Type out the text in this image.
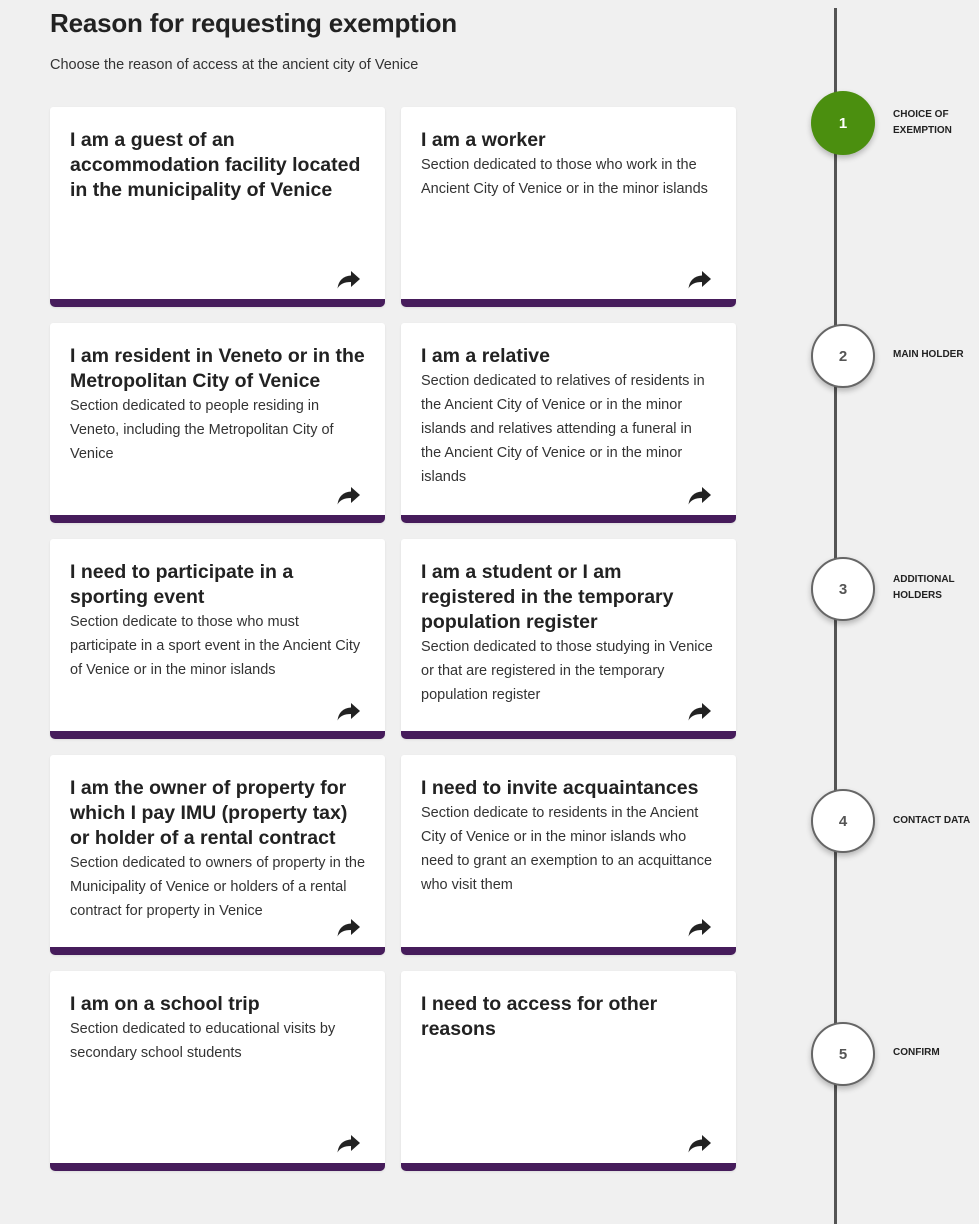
Reason for requesting exemption

Choose the reason of access at the ancient city of Venice

I am a guest of an accommodation facility located in the municipality of Venice

I am a worker

Section dedicated to those who work in the Ancient City of Venice or in the minor islands

I am resident in Veneto or in the Metropolitan City of Venice

Section dedicated to people residing in Veneto, including the Metropolitan City of Venice

I am a relative

Section dedicated to relatives of residents in the Ancient City of Venice or in the minor islands and relatives attending a funeral in the Ancient City of Venice or in the minor islands

I need to participate in a sporting event

Section dedicate to those who must participate in a sport event in the Ancient City of Venice or in the minor islands

I am a student or I am registered in the temporary population register

Section dedicated to those studying in Venice or that are registered in the temporary population register

I am the owner of property for which I pay IMU (property tax) or holder of a rental contract

Section dedicated to owners of property in the Municipality of Venice or holders of a rental contract for property in Venice

I need to invite acquaintances

Section dedicate to residents in the Ancient City of Venice or in the minor islands who need to grant an exemption to an acquittance who visit them

I am on a school trip

Section dedicated to educational visits by secondary school students

I need to access for other reasons

1	CHOICE OF EXEMPTION
2	MAIN HOLDER
3
ADDITIONAL HOLDERS
4	CONTACT DATA
5	CONFIRM
